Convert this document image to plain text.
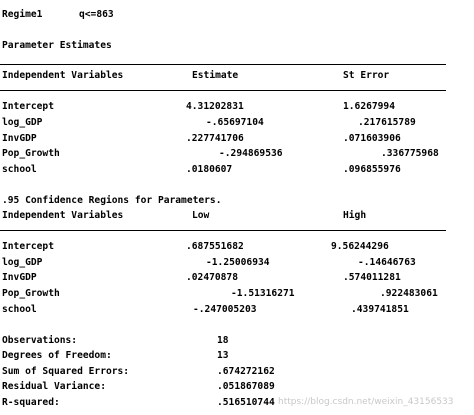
Regime1	q<=863
Parameter Estimates
Independent Variables	Estimate	St Error
Intercept	4.31202831	1.6267994
log_GDP	-.65697104	.217615789
InvGDP	.227741706	.071603906
Pop_Growth	-.294869536	.336775968
school	.0180607	.096855976
.95 Confidence Regions for Parameters.
Independent Variables	Low	High
Intercept	.687551682	9.56244296
log_GDP	-1.25006934	-.14646763
InvGDP	.02470878	.574011281
Pop_Growth	-1.51316271	.922483061
school	-.247005203	.439741851
Observations:	18
Degrees of Freedom:	13
Sum of Squared Errors:	.674272162
Residual Variance:	.051867089
R-squared:	.516510744 https://blog.csdn.net/weixin_43156533
